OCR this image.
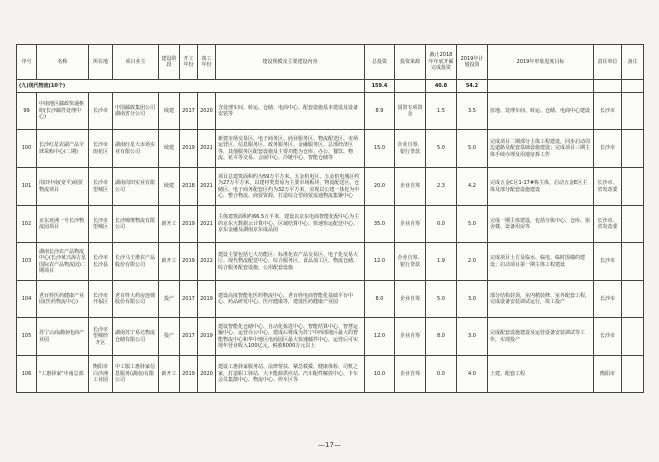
序号	名称	所在地	项目业主	建设阶段	开工年份	竣工年份	建设规模及主要建设内容	总投资	投资来源	截止2018年年底开累完成投资	2019年计划投资	2019年形象进度目标	责任单位	备注
(九)现代物流(10个)								159.4		40.8	54.2			
99	中南地区邮政快递枢纽(长沙邮件处理中心)	长沙市	中国邮政集团公司湖南省分公司	续建	2017	2020	含处理车间、转运、仓储、电商中心、配套设施基本建设及设备安装等	8.9	国资专项资金	1.5	3.5	征地、处理车间、转运、仓储、电商中心建设	长沙市	
100	长沙红星农副产品全球采购中心(二期)	长沙市雨花区	湖南红星大市场实业有限公司	续建	2019	2021	新建市场交易区、电子商务区、商业服务区、物流配送区、市场运营区、信息服务区、政务服务区、金融服务区、总部经济区等，其他服务区配套设施及主要功能为仓库、办公、餐饮、物流、花卉等交易、会展中心、冷链中心、智能仓储等	15.0	企业自筹、银行贷款	5.0	5.0	完成项目二期部分主体工程建设，同步启动周边道路及配套基础设施建设；完成项目三期主体手续办理及用地征拆工作	长沙市	
101	岗田中南(宽平)商贸物流项目	长沙市望城区	湖南岗田实业有限公司	续建	2018	2021	项目总建筑面积约为59万平方米，五金机电区、五金机电城区约为27万平方米，以建材类贸易为主要市场板块，物流配送区、仓储区、电子商务配套区约为32万平方米，实现以公建一体化为中心，整合物流、商贸资源，打造综合型商贸流通物流集聚中心	20.0	企业自筹	2.3	4.2	完成五金C区1-17#栋主体，启动五金E区主体及部分配套设施建设	长沙市、省发改委	
102	京东亚洲一号长沙物流园项目	长沙市望城区	长沙锦奥物流有限公司	新开工	2019	2021	主体建筑面积约66.5万平米，建设以京东电商智能化配中心为主的京东大数据云计算中心、区域结算中心、快速快运配送中心、京东金融及湖南京东成品园	35.0	企业自筹	0.0	5.0	完成一期主体建设，包括分拣中心、仓库、宿舍楼、设备用房等	长沙市、省发改委	
103	湖南长沙农产品物流中心(长沙黄兴海吉星国际农产品物流园)二期项目	长沙市长沙县	长沙马王堆农产品股份有限公司	新开工	2019	2022	建设主要包括七大功能区：标准化农产品交易区、电子化交易大厅、现代物流配送中心、综合服务区、食品加工区、物流仓储、综合服务配套设施、公用配套设施	12.0	企业自筹、银行贷款	1.9	2.0	完成项目土方及临水、临电、临时围墙的建设；启动项目第一期主体工程建设	长沙市	
104	老百姓医药健康产业园(医药物流中心)	长沙市开福区	老百姓大药房连锁股份有限公司	投产	2017	2019	建设高度智能化医药物流中心、老百姓电商智能化基础平台中心、药品研发中心、医疗健康等，建设医药健康产业园	8.0	企业自筹	5.0	3.0	部分结构封顶，室内精装修、室外配套工程，完成设备安装调试运行，竣工投产	长沙市	
105	苏宁云商湖南电商产业园	长沙市望城经开区	湖南苏宁易达物流仓储有限公司	投产	2017	2019	建设智能化仓储中心、自动化拣选中心、智能结算中心、智慧运输中心、运营办公中心，建成后将成为苏宁中西部地区最大的智能物流中心和华中地区电商园区最大快速邮件中心，运营后可实现年营业收入100亿元，税收6000万元以上	12.0	企业自筹	8.0	3.0	完成配套设施建设及运营设备安装调试等工作，实现投产	长沙市	
106	"工惠驿家"中南总部	衡阳市白沙洲工业园	中工服工惠驿家信息服务(湖南)有限公司	新开工	2019	2020	建设工惠驿家服务站、法律帮扶、紧急救援、健康体检、司机之家，打造职工驿站、大卡能源供应站、汽车配件解放中心、卡车会员集散中心、物流中心、停车区等	10.0	企业自筹	0.0	4.0	土建、配套工程	衡阳市	
—17—
